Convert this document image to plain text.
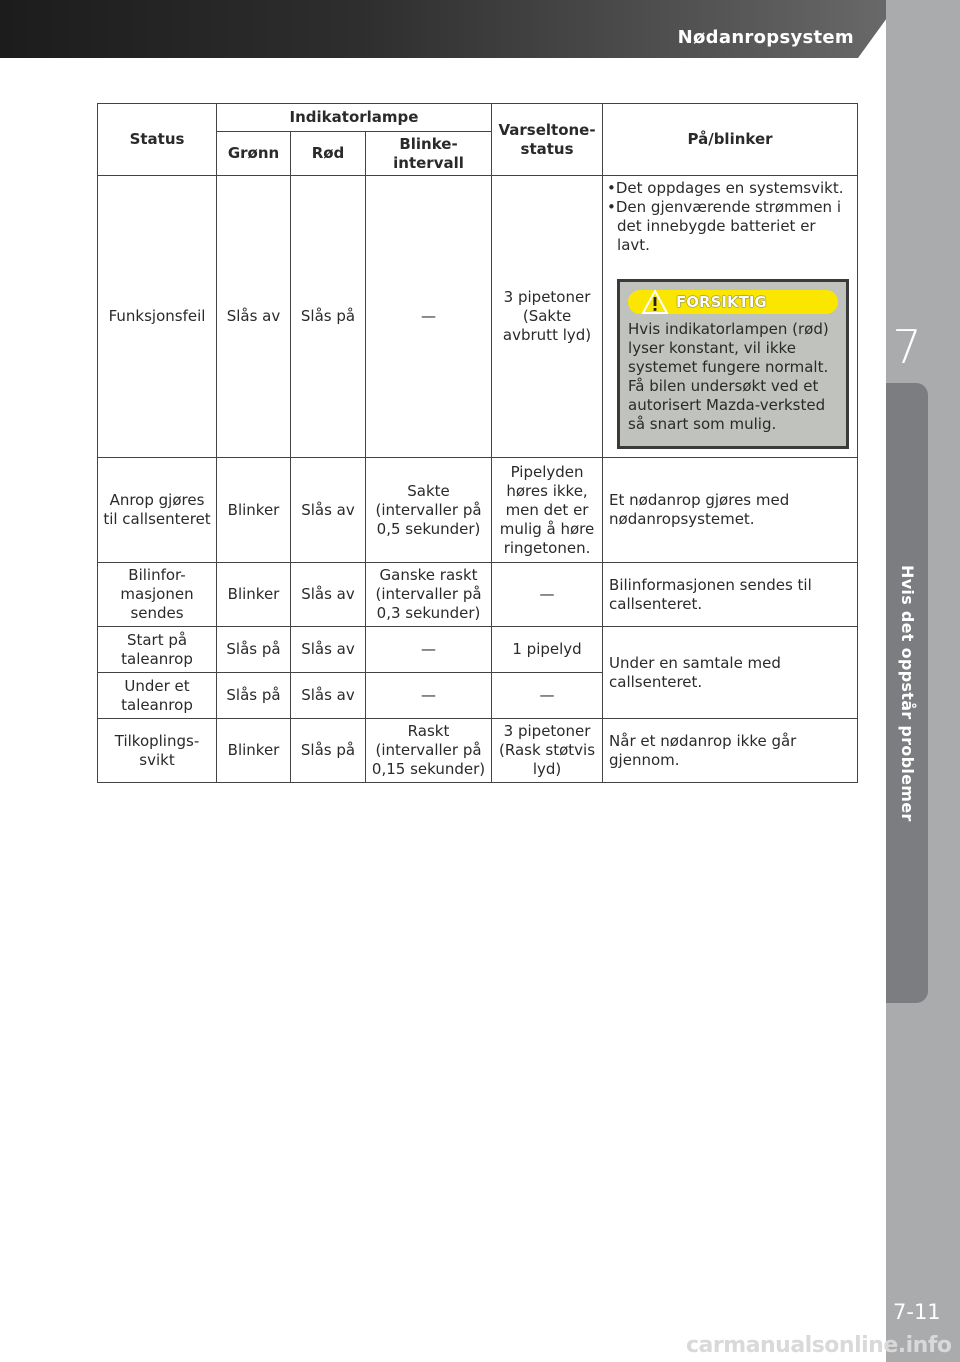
Nødanropsystem
7
Hvis det oppstår problemer
7-11
carmanualsonline.info
Status	Indikatorlampe			Varseltone- status	På/blinker
	Grønn	Rød	Blinke- intervall		
Funksjonsfeil	Slås av	Slås på	—	3 pipetoner (Sakte avbrutt lyd)	•Det oppdages en systemsvikt.
•Den gjenværende strømmen i det innebygde batteriet er lavt.
FORSIKTIG
Hvis indikatorlampen (rød) lyser konstant, vil ikke systemet fungere normalt. Få bilen undersøkt ved et autorisert Mazda-verksted så snart som mulig.

Anrop gjøres til callsenteret	Blinker	Slås av	Sakte (intervaller på 0,5 sekunder)	Pipelyden høres ikke, men det er mulig å høre ringetonen.	Et nødanrop gjøres med nødanropsystemet.
Bilinfor- masjonen sendes	Blinker	Slås av	Ganske raskt (intervaller på 0,3 sekunder)	—	Bilinformasjonen sendes til callsenteret.
Start på taleanrop	Slås på	Slås av	—	1 pipelyd	Under en samtale med callsenteret.
Under et taleanrop	Slås på	Slås av	—	—	
Tilkoplings- svikt	Blinker	Slås på	Raskt (intervaller på 0,15 sekunder)	3 pipetoner (Rask støtvis lyd)	Når et nødanrop ikke går gjennom.
